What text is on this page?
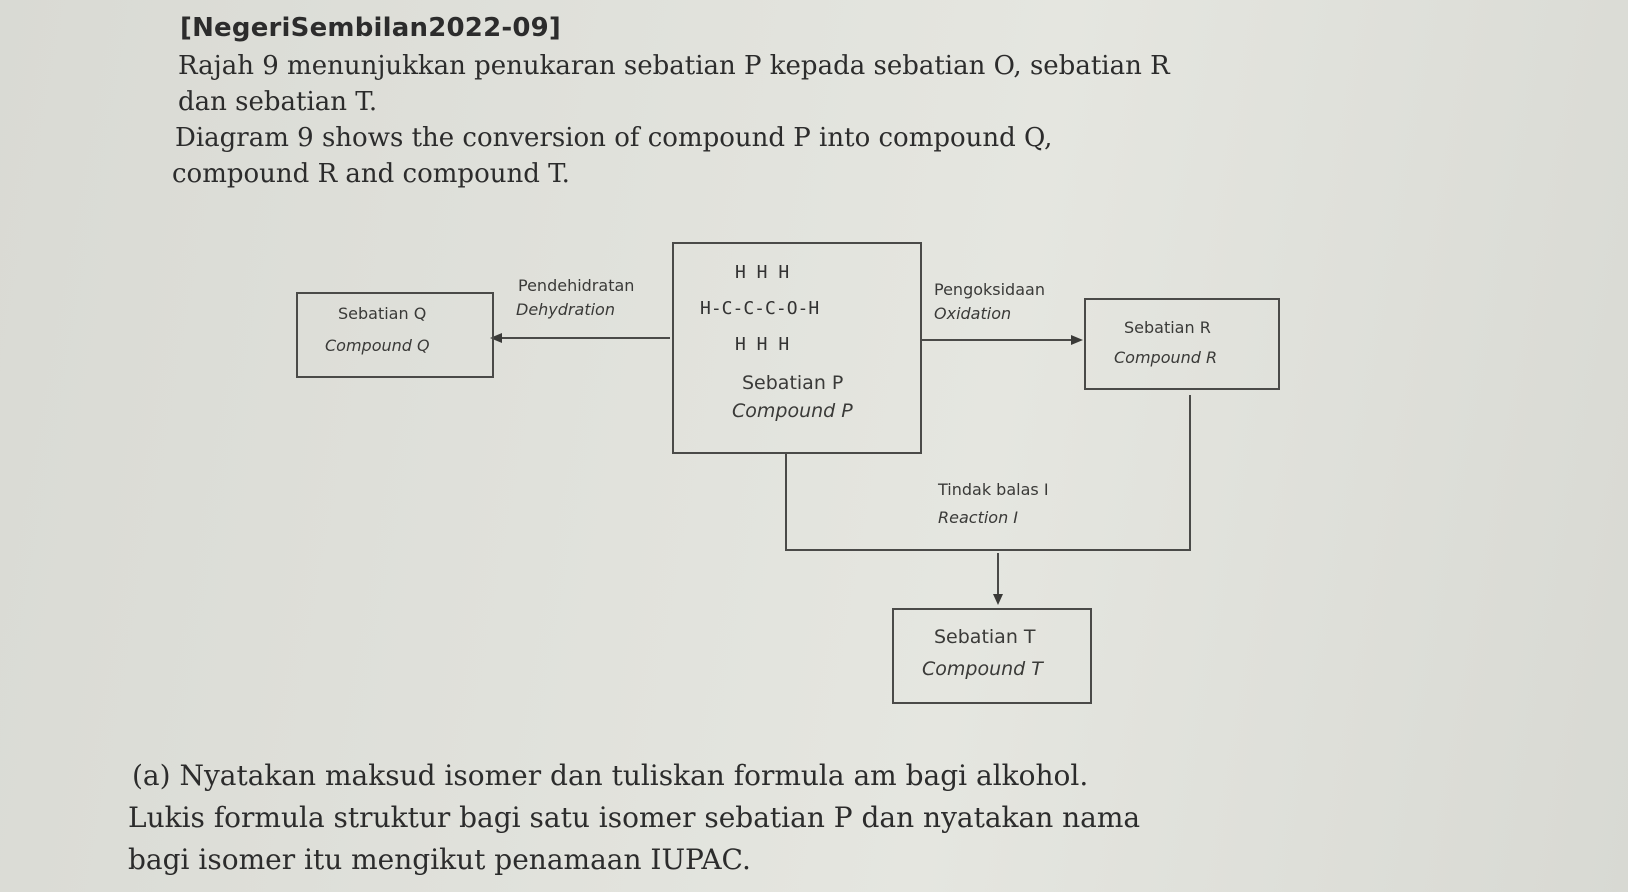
[NegeriSembilan2022-09]
Rajah 9 menunjukkan penukaran sebatian P kepada sebatian O, sebatian R
dan sebatian T.
Diagram 9 shows the conversion of compound P into compound Q,
compound R and compound T.
H H H
H-C-C-C-O-H
H H H
Sebatian P
Compound P
Sebatian Q
Compound Q
Pendehidratan
Dehydration
Pengoksidaan
Oxidation
Sebatian R
Compound R
Tindak balas I
Reaction I
Sebatian T
Compound T
(a) Nyatakan maksud isomer dan tuliskan formula am bagi alkohol.
Lukis formula struktur bagi satu isomer sebatian P dan nyatakan nama
bagi isomer itu mengikut penamaan IUPAC.
